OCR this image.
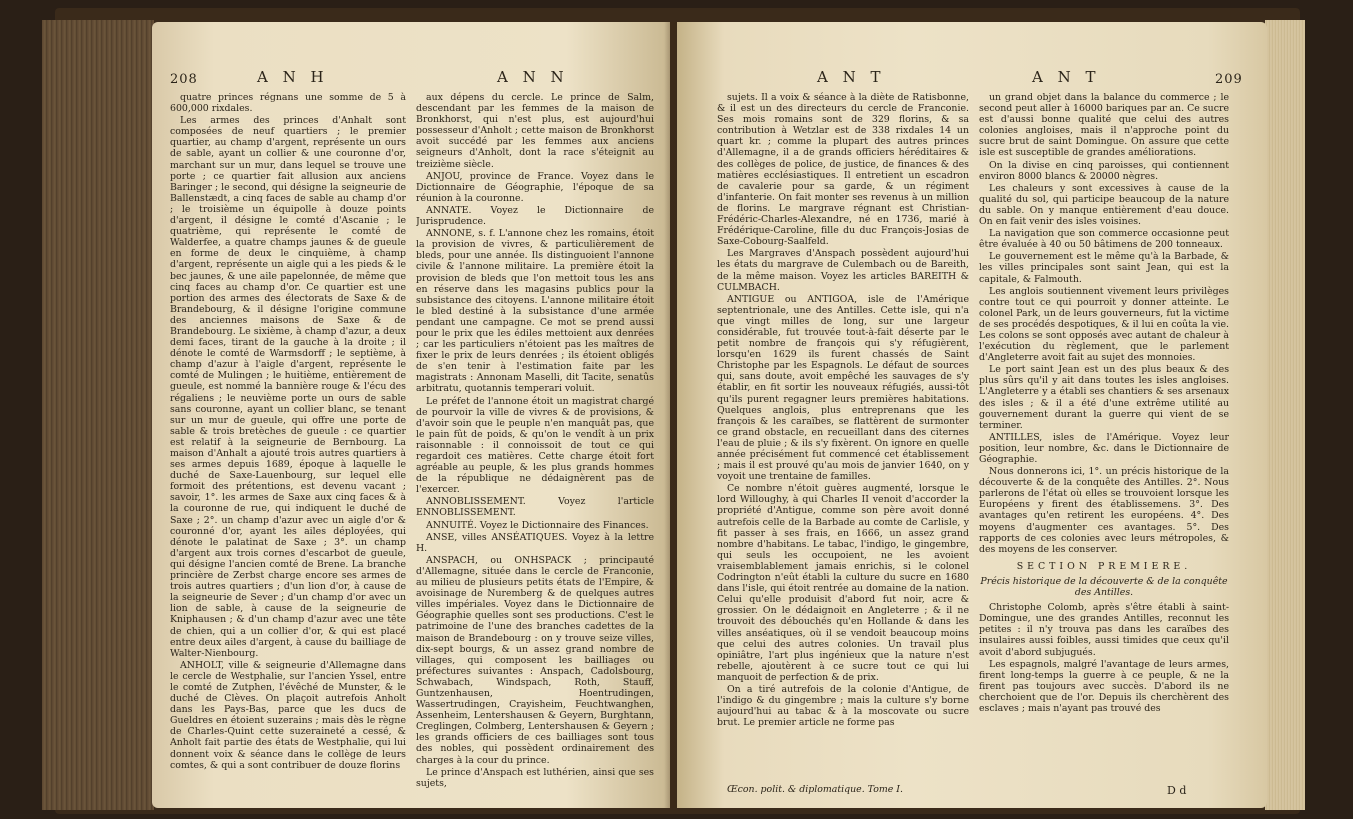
208	A N H	A N N

quatre princes régnans une somme de 5 à 600,000 rixdales.

Les armes des princes d'Anhalt sont composées de neuf quartiers ; le premier quartier, au champ d'argent, représente un ours de sable, ayant un collier & une couronne d'or, marchant sur un mur, dans lequel se trouve une porte ; ce quartier fait allusion aux anciens Baringer ; le second, qui désigne la seigneurie de Ballenstædt, a cinq faces de sable au champ d'or ; le troisième un équipolle à douze points d'argent, il désigne le comté d'Ascanie ; le quatrième, qui représente le comté de Walderfee, a quatre champs jaunes & de gueule en forme de deux le cinquième, à champ d'argent, représente un aigle qui a les pieds & le bec jaunes, & une aile papelonnée, de même que cinq faces au champ d'or. Ce quartier est une portion des armes des électorats de Saxe & de Brandebourg, & il désigne l'origine commune des anciennes maisons de Saxe & de Brandebourg. Le sixième, à champ d'azur, a deux demi faces, tirant de la gauche à la droite ; il dénote le comté de Warmsdorff ; le septième, à champ d'azur à l'aigle d'argent, représente le comté de Mulingen ; le huitième, entièrement de gueule, est nommé la bannière rouge & l'écu des régaliens ; le neuvième porte un ours de sable sans couronne, ayant un collier blanc, se tenant sur un mur de gueule, qui offre une porte de sable & trois bretèches de gueule : ce quartier est relatif à la seigneurie de Bernbourg. La maison d'Anhalt a ajouté trois autres quartiers à ses armes depuis 1689, époque à laquelle le duché de Saxe-Lauenbourg, sur lequel elle formoit des prétentions, est devenu vacant ; savoir, 1°. les armes de Saxe aux cinq faces & à la couronne de rue, qui indiquent le duché de Saxe ; 2°. un champ d'azur avec un aigle d'or & couronné d'or, ayant les ailes déployées, qui dénote le palatinat de Saxe ; 3°. un champ d'argent aux trois cornes d'escarbot de gueule, qui désigne l'ancien comté de Brene. La branche princière de Zerbst charge encore ses armes de trois autres quartiers ; d'un lion d'or, à cause de la seigneurie de Sever ; d'un champ d'or avec un lion de sable, à cause de la seigneurie de Kniphausen ; & d'un champ d'azur avec une tête de chien, qui a un collier d'or, & qui est placé entre deux ailes d'argent, à cause du bailliage de Walter-Nienbourg.

ANHOLT, ville & seigneurie d'Allemagne dans le cercle de Westphalie, sur l'ancien Yssel, entre le comté de Zutphen, l'évêché de Munster, & le duché de Clèves. On plaçoit autrefois Anholt dans les Pays-Bas, parce que les ducs de Gueldres en étoient suzerains ; mais dès le règne de Charles-Quint cette suzeraineté a cessé, & Anholt fait partie des états de Westphalie, qui lui donnent voix & séance dans le collège de leurs comtes, & qui a sont contribuer de douze florins

aux dépens du cercle. Le prince de Salm, descendant par les femmes de la maison de Bronkhorst, qui n'est plus, est aujourd'hui possesseur d'Anholt ; cette maison de Bronkhorst avoit succédé par les femmes aux anciens seigneurs d'Anholt, dont la race s'éteignit au treizième siècle.

ANJOU, province de France. Voyez dans le Dictionnaire de Géographie, l'époque de sa réunion à la couronne.

ANNATE. Voyez le Dictionnaire de Jurisprudence.

ANNONE, s. f. L'annone chez les romains, étoit la provision de vivres, & particulièrement de bleds, pour une année. Ils distinguoient l'annone civile & l'annone militaire. La première étoit la provision de bleds que l'on mettoit tous les ans en réserve dans les magasins publics pour la subsistance des citoyens. L'annone militaire étoit le bled destiné à la subsistance d'une armée pendant une campagne. Ce mot se prend aussi pour le prix que les édiles mettoient aux denrées ; car les particuliers n'étoient pas les maîtres de fixer le prix de leurs denrées ; ils étoient obligés de s'en tenir à l'estimation faite par les magistrats : Annonam Maselli, dit Tacite, senatûs arbitratu, quotannis temperari voluit.

Le préfet de l'annone étoit un magistrat chargé de pourvoir la ville de vivres & de provisions, & d'avoir soin que le peuple n'en manquât pas, que le pain fût de poids, & qu'on le vendît à un prix raisonnable : il connoissoit de tout ce qui regardoit ces matières. Cette charge étoit fort agréable au peuple, & les plus grands hommes de la république ne dédaignèrent pas de l'exercer.

ANNOBLISSEMENT. Voyez l'article ENNOBLISSEMENT.

ANNUITÉ. Voyez le Dictionnaire des Finances.

ANSE, villes ANSÉATIQUES. Voyez à la lettre H.

ANSPACH, ou ONHSPACK ; principauté d'Allemagne, située dans le cercle de Franconie, au milieu de plusieurs petits états de l'Empire, & avoisinage de Nuremberg & de quelques autres villes impériales. Voyez dans le Dictionnaire de Géographie quelles sont ses productions. C'est le patrimoine de l'une des branches cadettes de la maison de Brandebourg : on y trouve seize villes, dix-sept bourgs, & un assez grand nombre de villages, qui composent les bailliages ou préfectures suivantes : Anspach, Cadolsbourg, Schwabach, Windspach, Roth, Stauff, Guntzenhausen, Hoentrudingen, Wassertrudingen, Crayisheim, Feuchtwanghen, Assenheim, Lentershausen & Geyern, Burghtann, Creglingen, Colmberg, Lentershausen & Geyern ; les grands officiers de ces bailliages sont tous des nobles, qui possèdent ordinairement des charges à la cour du prince.

Le prince d'Anspach est luthérien, ainsi que ses sujets,

A N T	A N T	209

sujets. Il a voix & séance à la diète de Ratisbonne, & il est un des directeurs du cercle de Franconie. Ses mois romains sont de 329 florins, & sa contribution à Wetzlar est de 338 rixdales 14 un quart kr. ; comme la plupart des autres princes d'Allemagne, il a de grands officiers héréditaires & des collèges de police, de justice, de finances & des matières ecclésiastiques. Il entretient un escadron de cavalerie pour sa garde, & un régiment d'infanterie. On fait monter ses revenus à un million de florins. Le margrave régnant est Christian-Frédéric-Charles-Alexandre, né en 1736, marié à Frédérique-Caroline, fille du duc François-Josias de Saxe-Cobourg-Saalfeld.

Les Margraves d'Anspach possèdent aujourd'hui les états du margrave de Culembach ou de Bareith, de la même maison. Voyez les articles BAREITH & CULMBACH.

ANTIGUE ou ANTIGOA, isle de l'Amérique septentrionale, une des Antilles. Cette isle, qui n'a que vingt milles de long, sur une largeur considérable, fut trouvée tout-à-fait déserte par le petit nombre de françois qui s'y réfugièrent, lorsqu'en 1629 ils furent chassés de Saint Christophe par les Espagnols. Le défaut de sources qui, sans doute, avoit empêché les sauvages de s'y établir, en fit sortir les nouveaux réfugiés, aussi-tôt qu'ils purent regagner leurs premières habitations. Quelques anglois, plus entreprenans que les françois & les caraïbes, se flattèrent de surmonter ce grand obstacle, en recueillant dans des citernes l'eau de pluie ; & ils s'y fixèrent. On ignore en quelle année précisément fut commencé cet établissement ; mais il est prouvé qu'au mois de janvier 1640, on y voyoit une trentaine de familles.

Ce nombre n'étoit guères augmenté, lorsque le lord Willoughy, à qui Charles II venoit d'accorder la propriété d'Antigue, comme son père avoit donné autrefois celle de la Barbade au comte de Carlisle, y fit passer à ses frais, en 1666, un assez grand nombre d'habitans. Le tabac, l'indigo, le gingembre, qui seuls les occupoient, ne les avoient vraisemblablement jamais enrichis, si le colonel Codrington n'eût établi la culture du sucre en 1680 dans l'isle, qui étoit rentrée au domaine de la nation. Celui qu'elle produisit d'abord fut noir, acre & grossier. On le dédaignoit en Angleterre ; & il ne trouvoit des débouchés qu'en Hollande & dans les villes anséatiques, où il se vendoit beaucoup moins que celui des autres colonies. Un travail plus opiniâtre, l'art plus ingénieux que la nature n'est rebelle, ajoutèrent à ce sucre tout ce qui lui manquoit de perfection & de prix.

On a tiré autrefois de la colonie d'Antigue, de l'indigo & du gingembre ; mais la culture s'y borne aujourd'hui au tabac & à la moscovate ou sucre brut. Le premier article ne forme pas

Œcon. polit. & diplomatique. Tome I.

un grand objet dans la balance du commerce ; le second peut aller à 16000 bariques par an. Ce sucre est d'aussi bonne qualité que celui des autres colonies angloises, mais il n'approche point du sucre brut de saint Domingue. On assure que cette isle est susceptible de grandes améliorations.

On la divise en cinq paroisses, qui contiennent environ 8000 blancs & 20000 nègres.

Les chaleurs y sont excessives à cause de la qualité du sol, qui participe beaucoup de la nature du sable. On y manque entièrement d'eau douce. On en fait venir des isles voisines.

La navigation que son commerce occasionne peut être évaluée à 40 ou 50 bâtimens de 200 tonneaux.

Le gouvernement est le même qu'à la Barbade, & les villes principales sont saint Jean, qui est la capitale, & Falmouth.

Les anglois soutiennent vivement leurs privilèges contre tout ce qui pourroit y donner atteinte. Le colonel Park, un de leurs gouverneurs, fut la victime de ses procédés despotiques, & il lui en coûta la vie. Les colons se sont opposés avec autant de chaleur à l'exécution du règlement, que le parlement d'Angleterre avoit fait au sujet des monnoies.

Le port saint Jean est un des plus beaux & des plus sûrs qu'il y ait dans toutes les isles angloises. L'Angleterre y a établi ses chantiers & ses arsenaux des isles ; & il a été d'une extrême utilité au gouvernement durant la guerre qui vient de se terminer.

ANTILLES, isles de l'Amérique. Voyez leur position, leur nombre, &c. dans le Dictionnaire de Géographie.

Nous donnerons ici, 1°. un précis historique de la découverte & de la conquête des Antilles. 2°. Nous parlerons de l'état où elles se trouvoient lorsque les Européens y firent des établissemens. 3°. Des avantages qu'en retirent les européens. 4°. Des moyens d'augmenter ces avantages. 5°. Des rapports de ces colonies avec leurs métropoles, & des moyens de les conserver.

SECTION PREMIERE.
Précis historique de la découverte & de la conquête des Antilles.

Christophe Colomb, après s'être établi à saint-Domingue, une des grandes Antilles, reconnut les petites : il n'y trouva pas dans les caraïbes des insulaires aussi foibles, aussi timides que ceux qu'il avoit d'abord subjugués.

Les espagnols, malgré l'avantage de leurs armes, firent long-temps la guerre à ce peuple, & ne la firent pas toujours avec succès. D'abord ils ne cherchoient que de l'or. Depuis ils cherchèrent des esclaves ; mais n'ayant pas trouvé des

D d
